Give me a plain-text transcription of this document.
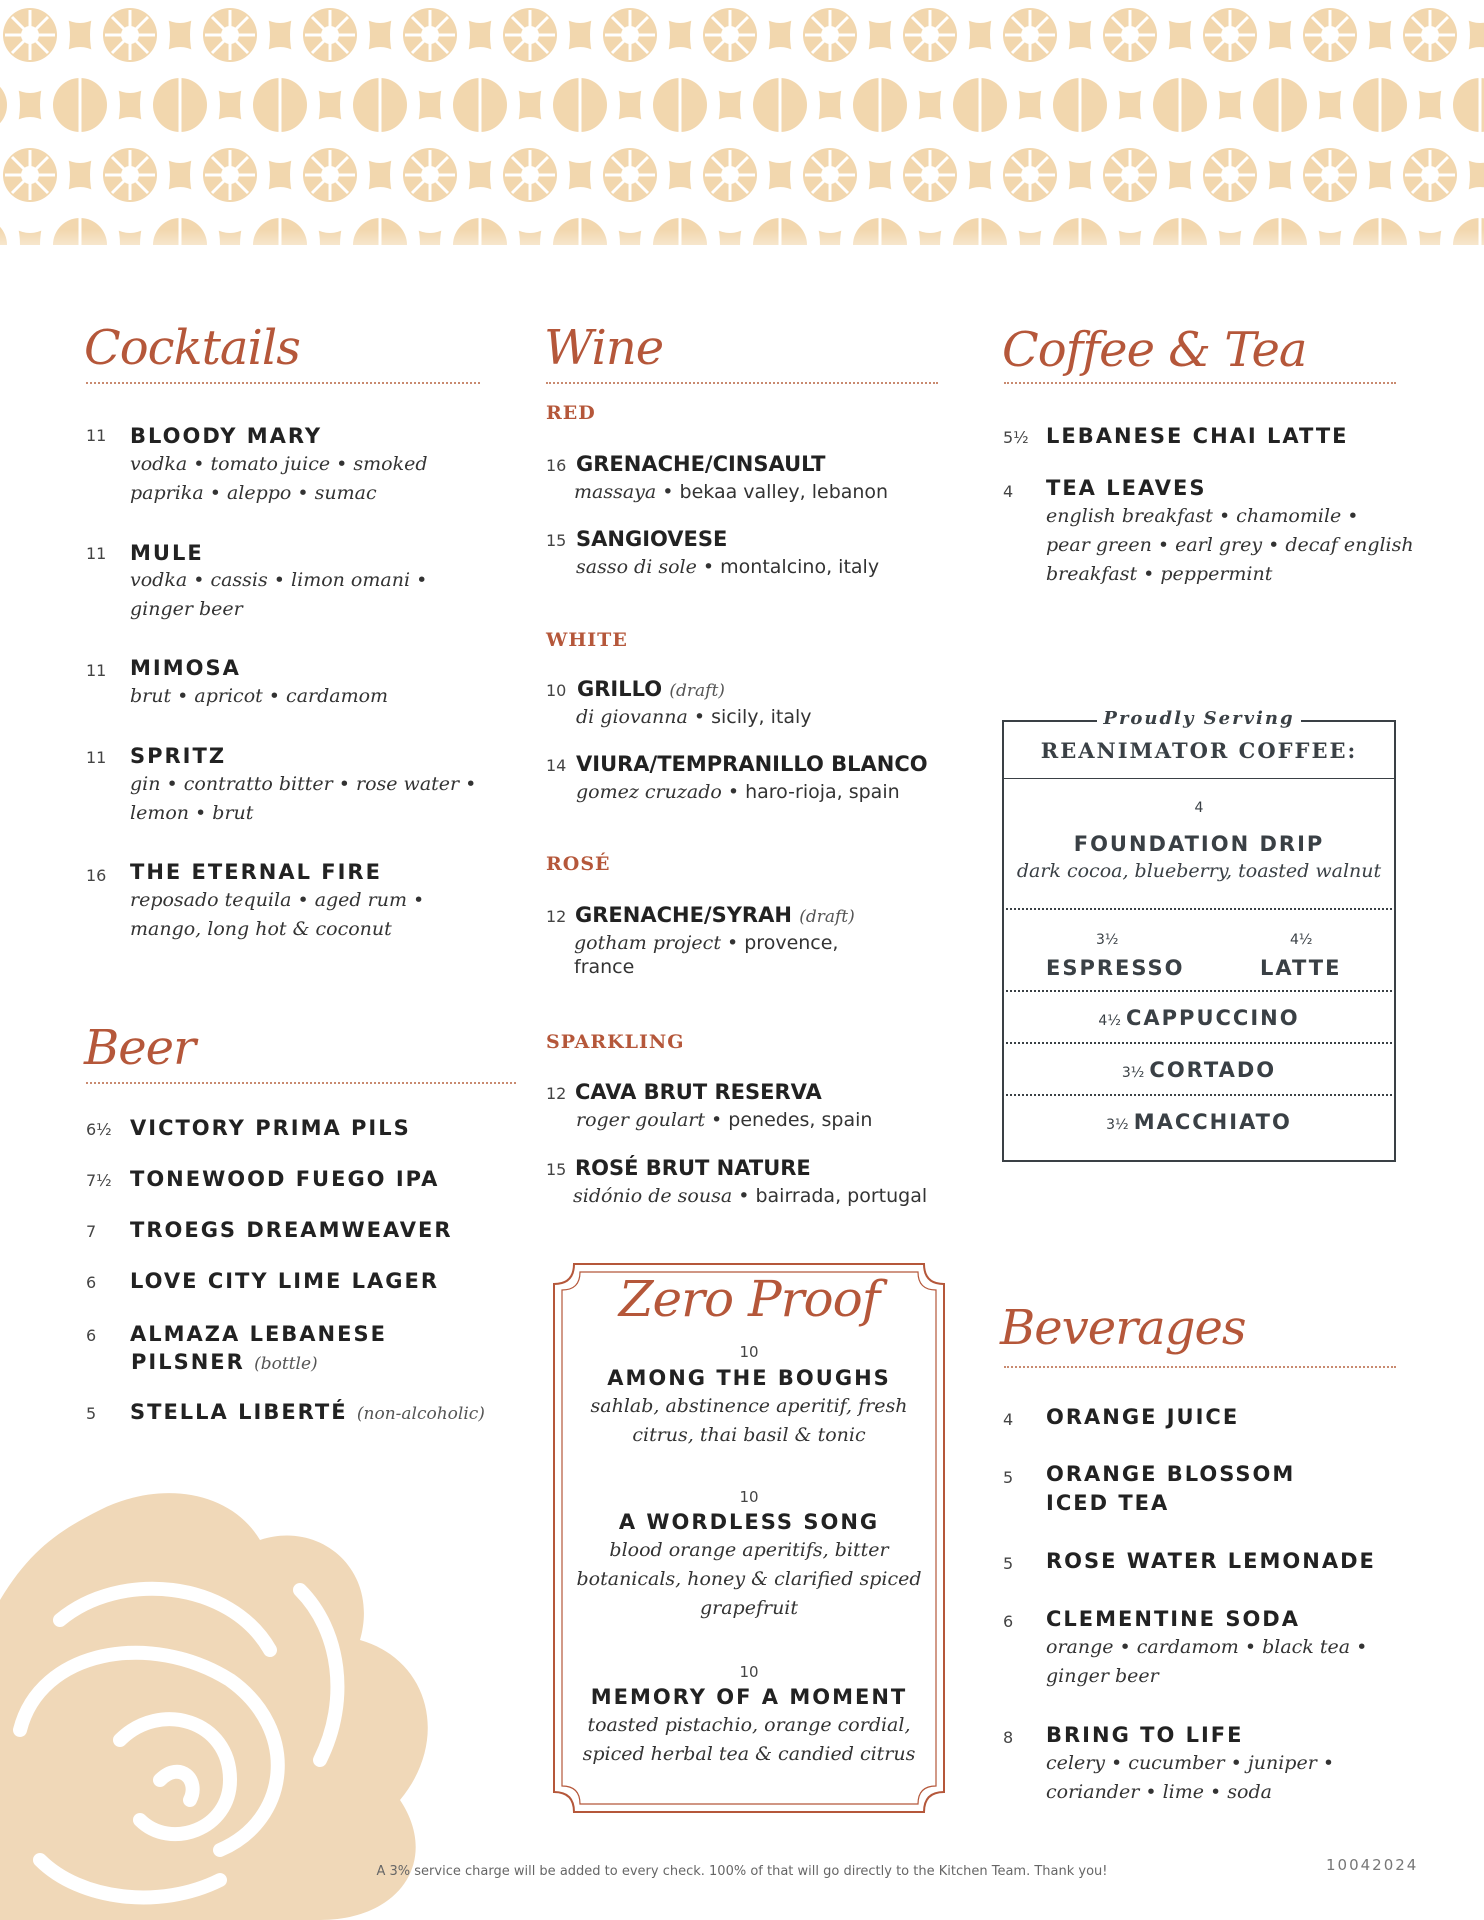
Cocktails
11 BLOODY MARY
vodka • tomato juice • smoked
paprika • aleppo • sumac
11 MULE
vodka • cassis • limon omani •
ginger beer
11 MIMOSA
brut • apricot • cardamom
11 SPRITZ
gin • contratto bitter • rose water •
lemon • brut
16 THE ETERNAL FIRE
reposado tequila • aged rum •
mango, long hot & coconut
Beer
6½ VICTORY PRIMA PILS
7½ TONEWOOD FUEGO IPA
7 TROEGS DREAMWEAVER
6 LOVE CITY LIME LAGER
6 ALMAZA LEBANESE
PILSNER (bottle)
5 STELLA LIBERTÉ (non-alcoholic)
Wine
RED
16 GRENACHE/CINSAULT
massaya • bekaa valley, lebanon
15 SANGIOVESE
sasso di sole • montalcino, italy
WHITE
10 GRILLO (draft)
di giovanna • sicily, italy
14 VIURA/TEMPRANILLO BLANCO
gomez cruzado • haro-rioja, spain
ROSÉ
12 GRENACHE/SYRAH (draft)
gotham project • provence,
france
SPARKLING
12 CAVA BRUT RESERVA
roger goulart • penedes, spain
15 ROSÉ BRUT NATURE
sidónio de sousa • bairrada, portugal
Coffee & Tea
5½ LEBANESE CHAI LATTE
4 TEA LEAVES
english breakfast • chamomile •
pear green • earl grey • decaf english
breakfast • peppermint
Proudly Serving
REANIMATOR COFFEE:
4
FOUNDATION DRIP
dark cocoa, blueberry, toasted walnut
3½
ESPRESSO
4½
LATTE
4½ CAPPUCCINO
3½ CORTADO
3½ MACCHIATO
Zero Proof
10
AMONG THE BOUGHS
sahlab, abstinence aperitif, fresh
citrus, thai basil & tonic
10
A WORDLESS SONG
blood orange aperitifs, bitter
botanicals, honey & clarified spiced
grapefruit
10
MEMORY OF A MOMENT
toasted pistachio, orange cordial,
spiced herbal tea & candied citrus
Beverages
4 ORANGE JUICE
5 ORANGE BLOSSOM
ICED TEA
5 ROSE WATER LEMONADE
6 CLEMENTINE SODA
orange • cardamom • black tea •
ginger beer
8 BRING TO LIFE
celery • cucumber • juniper •
coriander • lime • soda
A 3% service charge will be added to every check. 100% of that will go directly to the Kitchen Team. Thank you!	10042024
